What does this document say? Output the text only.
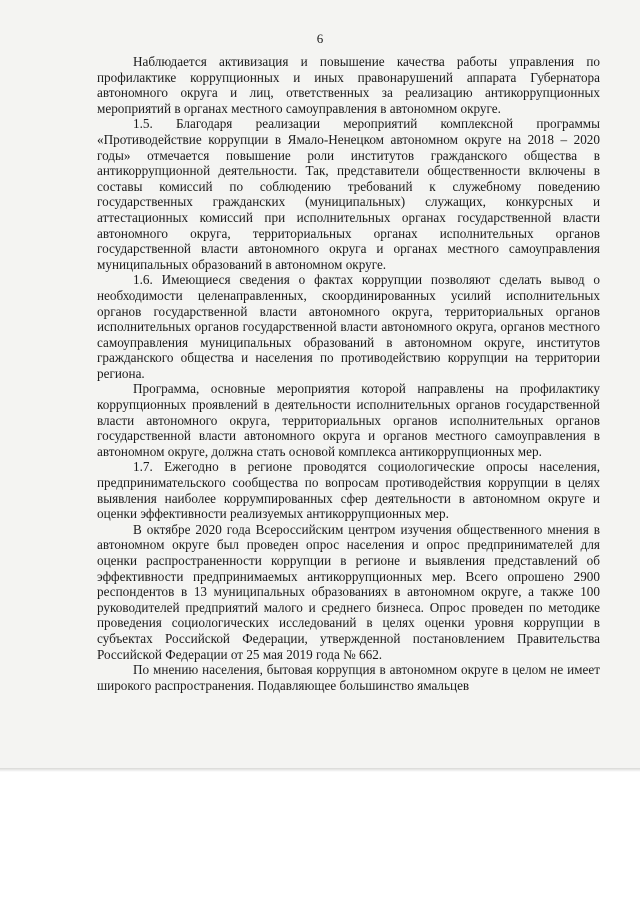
6

Наблюдается активизация и повышение качества работы управления по профилактике коррупционных и иных правонарушений аппарата Губернатора автономного округа и лиц, ответственных за реализацию антикоррупционных мероприятий в органах местного самоуправления в автономном округе.

1.5. Благодаря реализации мероприятий комплексной программы «Противодействие коррупции в Ямало-Ненецком автономном округе на 2018 – 2020 годы» отмечается повышение роли институтов гражданского общества в антикоррупционной деятельности. Так, представители общественности включены в составы комиссий по соблюдению требований к служебному поведению государственных гражданских (муниципальных) служащих, конкурсных и аттестационных комиссий при исполнительных органах государственной власти автономного округа, территориальных органах исполнительных органов государственной власти автономного округа и органах местного самоуправления муниципальных образований в автономном округе.

1.6. Имеющиеся сведения о фактах коррупции позволяют сделать вывод о необходимости целенаправленных, скоординированных усилий исполнительных органов государственной власти автономного округа, территориальных органов исполнительных органов государственной власти автономного округа, органов местного самоуправления муниципальных образований в автономном округе, институтов гражданского общества и населения по противодействию коррупции на территории региона.

Программа, основные мероприятия которой направлены на профилактику коррупционных проявлений в деятельности исполнительных органов государственной власти автономного округа, территориальных органов исполнительных органов государственной власти автономного округа и органов местного самоуправления в автономном округе, должна стать основой комплекса антикоррупционных мер.

1.7. Ежегодно в регионе проводятся социологические опросы населения, предпринимательского сообщества по вопросам противодействия коррупции в целях выявления наиболее коррумпированных сфер деятельности в автономном округе и оценки эффективности реализуемых антикоррупционных мер.

В октябре 2020 года Всероссийским центром изучения общественного мнения в автономном округе был проведен опрос населения и опрос предпринимателей для оценки распространенности коррупции в регионе и выявления представлений об эффективности предпринимаемых антикоррупционных мер. Всего опрошено 2900 респондентов в 13 муниципальных образованиях в автономном округе, а также 100 руководителей предприятий малого и среднего бизнеса. Опрос проведен по методике проведения социологических исследований в целях оценки уровня коррупции в субъектах Российской Федерации, утвержденной постановлением Правительства Российской Федерации от 25 мая 2019 года № 662.

По мнению населения, бытовая коррупция в автономном округе в целом не имеет широкого распространения. Подавляющее большинство ямальцев
